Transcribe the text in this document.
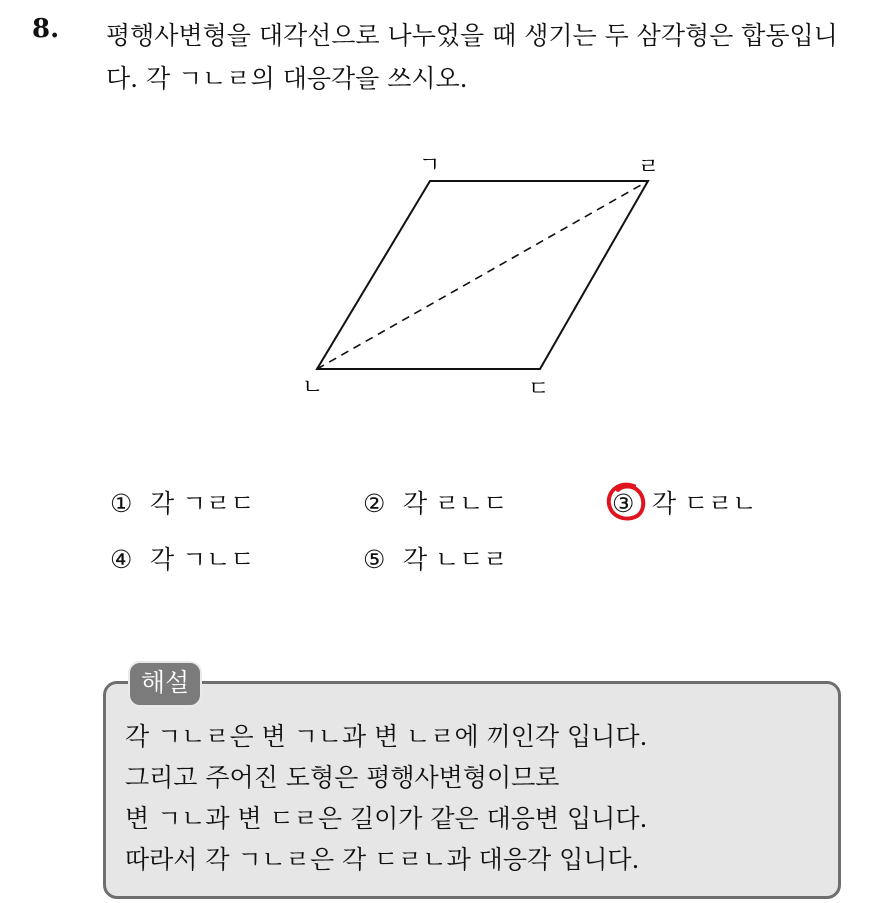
8. 평행사변형을 대각선으로 나누었을 때 생기는 두 삼각형은 합동입니
다. 각 ㄱㄴㄹ의 대응각을 쓰시오.
ㄱ	ㄹ
ㄴ	ㄷ
① 각 ㄱㄹㄷ	② 각 ㄹㄴㄷ	③ 각 ㄷㄹㄴ
④ 각 ㄱㄴㄷ	⑤ 각 ㄴㄷㄹ
해설
각 ㄱㄴㄹ은 변 ㄱㄴ과 변 ㄴㄹ에 끼인각 입니다.
그리고 주어진 도형은 평행사변형이므로
변 ㄱㄴ과 변 ㄷㄹ은 길이가 같은 대응변 입니다.
따라서 각 ㄱㄴㄹ은 각 ㄷㄹㄴ과 대응각 입니다.
